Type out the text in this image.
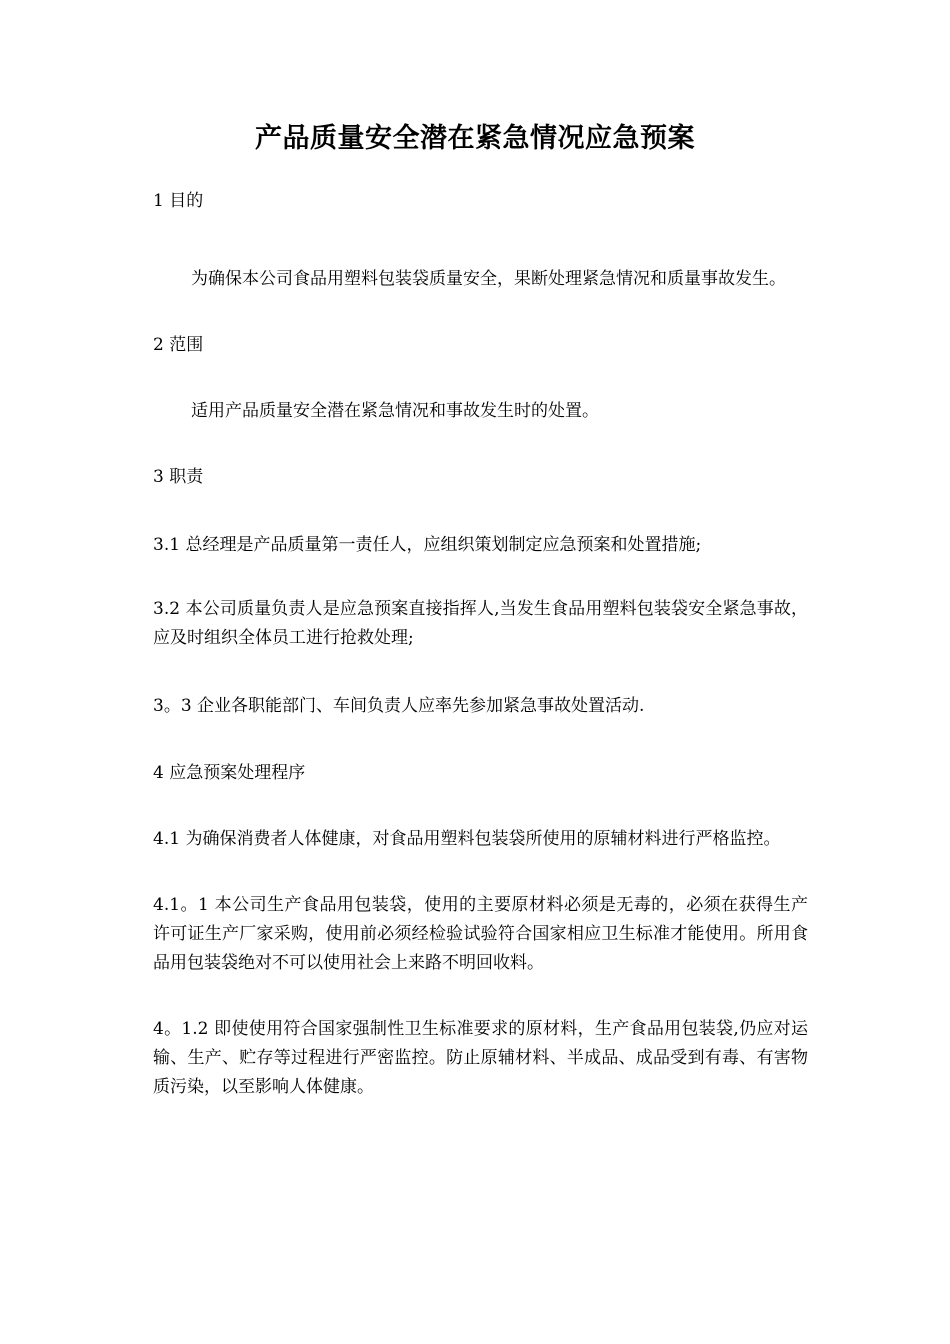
产品质量安全潜在紧急情况应急预案

1 目的

为确保本公司食品用塑料包装袋质量安全，果断处理紧急情况和质量事故发生。

2 范围

适用产品质量安全潜在紧急情况和事故发生时的处置。

3 职责

3.1 总经理是产品质量第一责任人，应组织策划制定应急预案和处置措施;

3.2 本公司质量负责人是应急预案直接指挥人,当发生食品用塑料包装袋安全紧急事故，应及时组织全体员工进行抢救处理;

3。3 企业各职能部门、车间负责人应率先参加紧急事故处置活动.

4 应急预案处理程序

4.1 为确保消费者人体健康，对食品用塑料包装袋所使用的原辅材料进行严格监控。

4.1。1 本公司生产食品用包装袋，使用的主要原材料必须是无毒的，必须在获得生产许可证生产厂家采购，使用前必须经检验试验符合国家相应卫生标准才能使用。所用食品用包装袋绝对不可以使用社会上来路不明回收料。

4。1.2 即使使用符合国家强制性卫生标准要求的原材料，生产食品用包装袋,仍应对运输、生产、贮存等过程进行严密监控。防止原辅材料、半成品、成品受到有毒、有害物质污染，以至影响人体健康。
